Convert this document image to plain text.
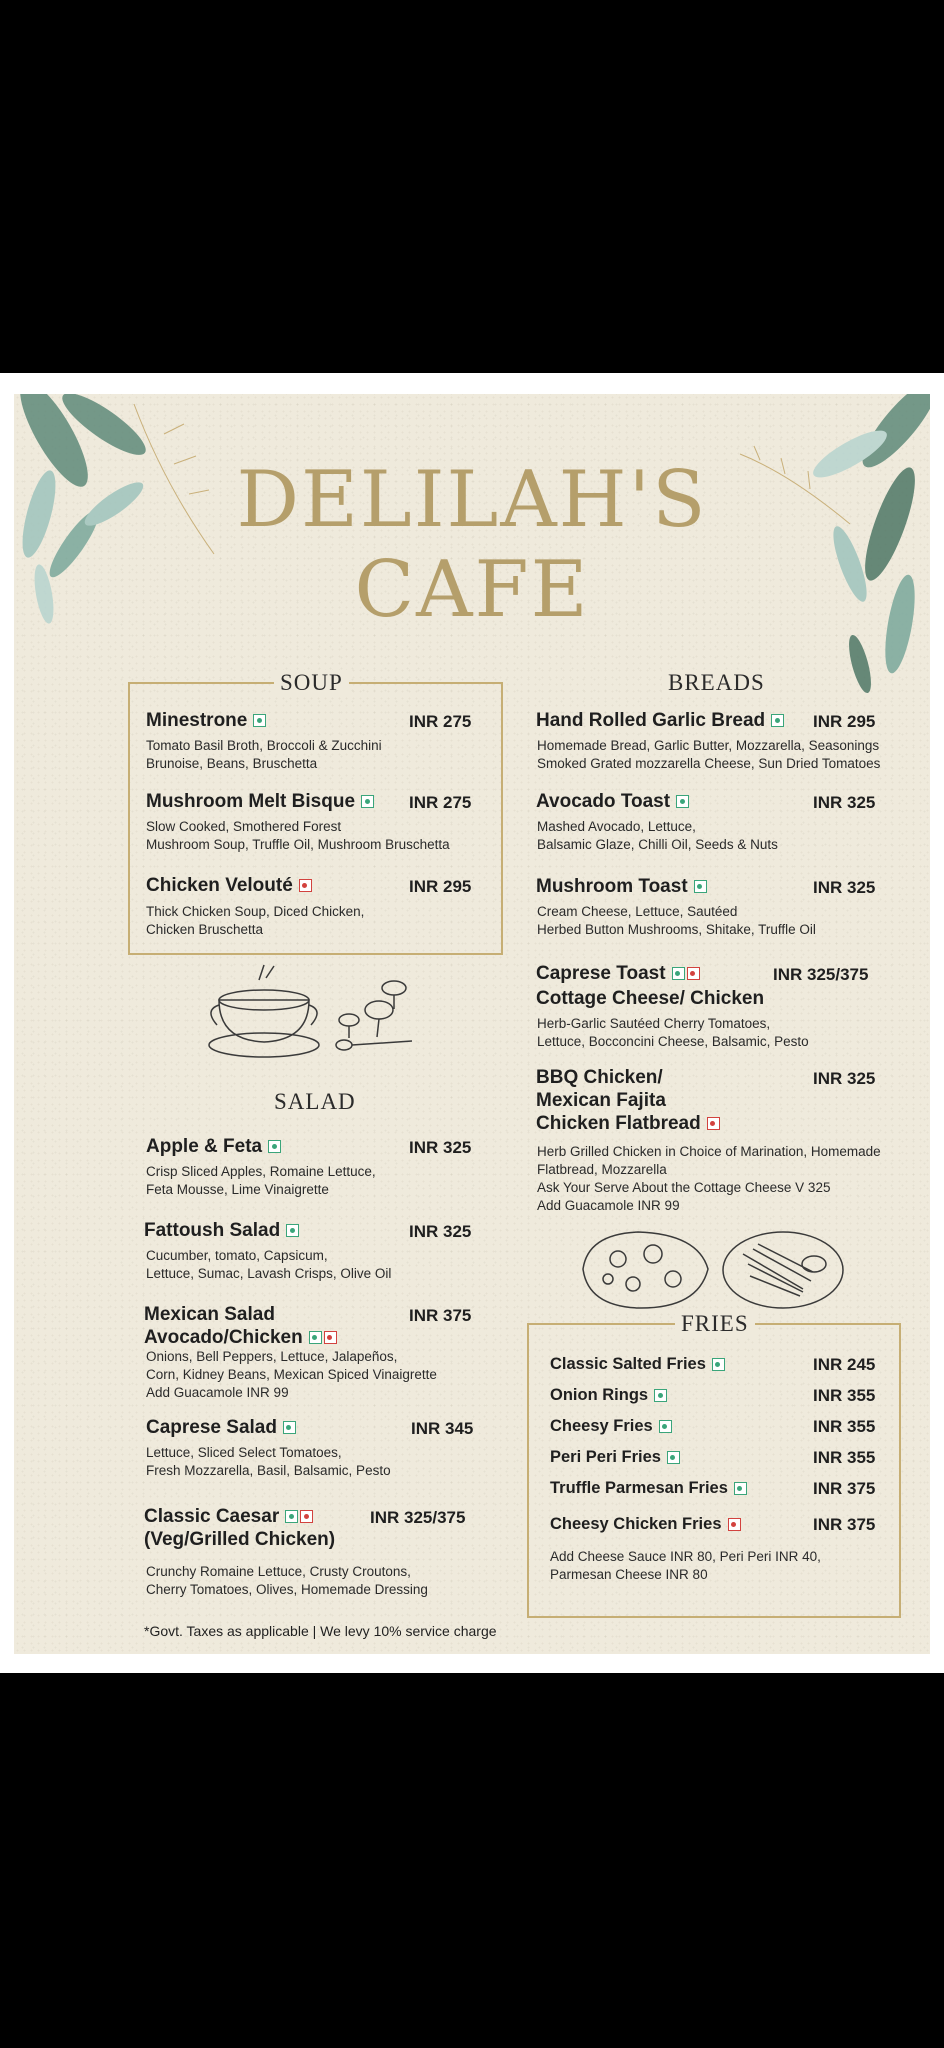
DELILAH'S
CAFE
SOUP
Minestrone	INR 275
Tomato Basil Broth, Broccoli & Zucchini
Brunoise, Beans, Bruschetta
Mushroom Melt Bisque	INR 275
Slow Cooked, Smothered Forest
Mushroom Soup, Truffle Oil, Mushroom Bruschetta
Chicken Velouté	INR 295
Thick Chicken Soup, Diced Chicken,
Chicken Bruschetta
SALAD
Apple & Feta	INR 325
Crisp Sliced Apples, Romaine Lettuce,
Feta Mousse, Lime Vinaigrette
Fattoush Salad	INR 325
Cucumber, tomato, Capsicum,
Lettuce, Sumac, Lavash Crisps, Olive Oil
Mexican Salad
Avocado/Chicken
INR 375
Onions, Bell Peppers, Lettuce, Jalapeños,
Corn, Kidney Beans, Mexican Spiced Vinaigrette
Add Guacamole INR 99
Caprese Salad	INR 345
Lettuce, Sliced Select Tomatoes,
Fresh Mozzarella, Basil, Balsamic, Pesto
Classic Caesar
(Veg/Grilled Chicken)
INR 325/375
Crunchy Romaine Lettuce, Crusty Croutons,
Cherry Tomatoes, Olives, Homemade Dressing
BREADS
Hand Rolled Garlic Bread	INR 295
Homemade Bread, Garlic Butter, Mozzarella, Seasonings
Smoked Grated mozzarella Cheese, Sun Dried Tomatoes
Avocado Toast	INR 325
Mashed Avocado, Lettuce,
Balsamic Glaze, Chilli Oil, Seeds & Nuts
Mushroom Toast	INR 325
Cream Cheese, Lettuce, Sautéed
Herbed Button Mushrooms, Shitake, Truffle Oil
Caprese Toast
Cottage Cheese/ Chicken
INR 325/375
Herb-Garlic Sautéed Cherry Tomatoes,
Lettuce, Bocconcini Cheese, Balsamic, Pesto
BBQ Chicken/
Mexican Fajita
Chicken Flatbread
INR 325
Herb Grilled Chicken in Choice of Marination, Homemade
Flatbread, Mozzarella
Ask Your Serve About the Cottage Cheese V 325
Add Guacamole INR 99
FRIES
Classic Salted Fries	INR 245
Onion Rings	INR 355
Cheesy Fries	INR 355
Peri Peri Fries	INR 355
Truffle Parmesan Fries	INR 375
Cheesy Chicken Fries	INR 375
Add Cheese Sauce INR 80, Peri Peri INR 40,
Parmesan Cheese INR 80
*Govt. Taxes as applicable | We levy 10% service charge
